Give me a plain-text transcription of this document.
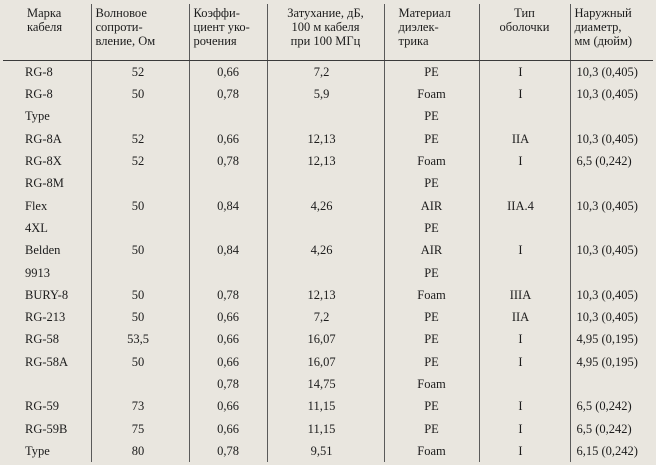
Марка
кабеля	Волновое
сопроти-
вление, Ом	Коэффи-
циент уко-
рочения	Затухание, дБ,
100 м кабеля
при 100 МГц	Материал
диэлек-
трика	Тип
оболочки	Наружный
диаметр,
мм (дюйм)
RG-8	52	0,66	7,2	PE	I	10,3 (0,405)
RG-8	50	0,78	5,9	Foam	I	10,3 (0,405)
Type				PE		
RG-8A	52	0,66	12,13	PE	IIA	10,3 (0,405)
RG-8X	52	0,78	12,13	Foam	I	6,5 (0,242)
RG-8M				PE		
Flex	50	0,84	4,26	AIR	IIA.4	10,3 (0,405)
4XL				PE		
Belden	50	0,84	4,26	AIR	I	10,3 (0,405)
9913				PE		
BURY-8	50	0,78	12,13	Foam	IIIA	10,3 (0,405)
RG-213	50	0,66	7,2	PE	IIA	10,3 (0,405)
RG-58	53,5	0,66	16,07	PE	I	4,95 (0,195)
RG-58A	50	0,66	16,07	PE	I	4,95 (0,195)
		0,78	14,75	Foam		
RG-59	73	0,66	11,15	PE	I	6,5 (0,242)
RG-59B	75	0,66	11,15	PE	I	6,5 (0,242)
Type	80	0,78	9,51	Foam	I	6,15 (0,242)
